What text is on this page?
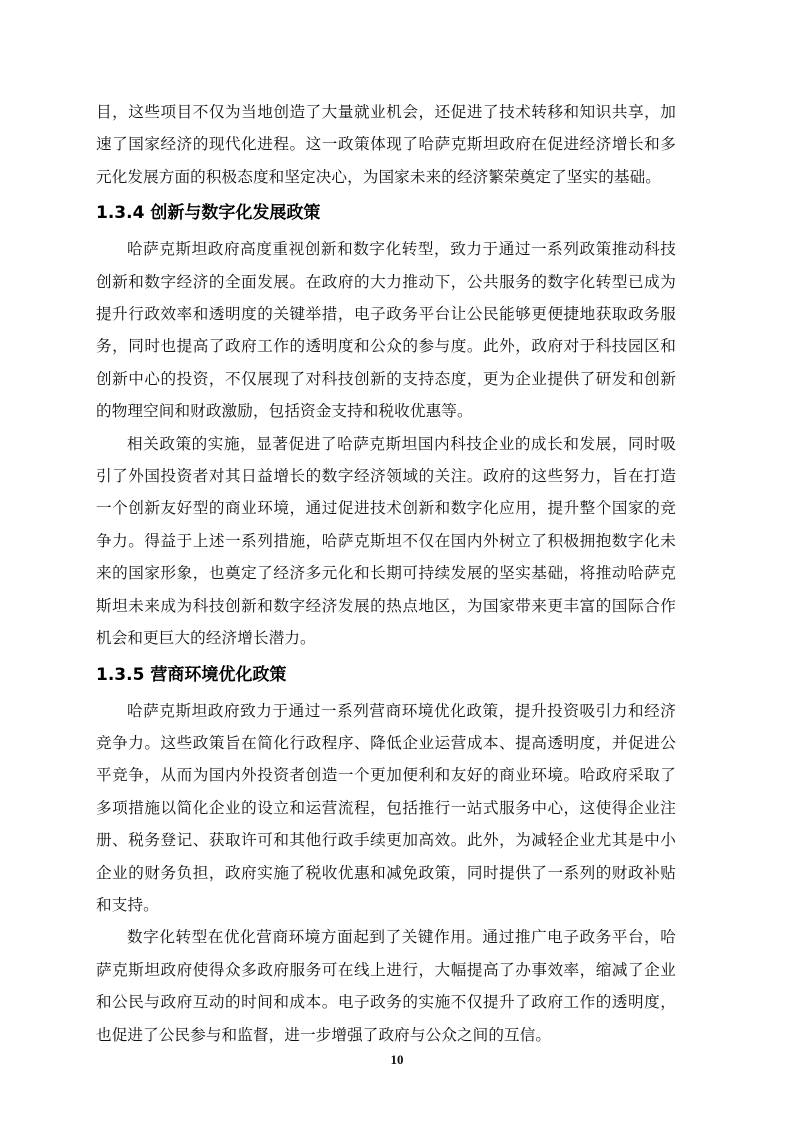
目，这些项目不仅为当地创造了大量就业机会，还促进了技术转移和知识共享，加速了国家经济的现代化进程。这一政策体现了哈萨克斯坦政府在促进经济增长和多元化发展方面的积极态度和坚定决心，为国家未来的经济繁荣奠定了坚实的基础。

1.3.4 创新与数字化发展政策

哈萨克斯坦政府高度重视创新和数字化转型，致力于通过一系列政策推动科技创新和数字经济的全面发展。在政府的大力推动下，公共服务的数字化转型已成为提升行政效率和透明度的关键举措，电子政务平台让公民能够更便捷地获取政务服务，同时也提高了政府工作的透明度和公众的参与度。此外，政府对于科技园区和创新中心的投资，不仅展现了对科技创新的支持态度，更为企业提供了研发和创新的物理空间和财政激励，包括资金支持和税收优惠等。

相关政策的实施，显著促进了哈萨克斯坦国内科技企业的成长和发展，同时吸引了外国投资者对其日益增长的数字经济领域的关注。政府的这些努力，旨在打造一个创新友好型的商业环境，通过促进技术创新和数字化应用，提升整个国家的竞争力。得益于上述一系列措施，哈萨克斯坦不仅在国内外树立了积极拥抱数字化未来的国家形象，也奠定了经济多元化和长期可持续发展的坚实基础，将推动哈萨克斯坦未来成为科技创新和数字经济发展的热点地区，为国家带来更丰富的国际合作机会和更巨大的经济增长潜力。

1.3.5 营商环境优化政策

哈萨克斯坦政府致力于通过一系列营商环境优化政策，提升投资吸引力和经济竞争力。这些政策旨在简化行政程序、降低企业运营成本、提高透明度，并促进公平竞争，从而为国内外投资者创造一个更加便利和友好的商业环境。哈政府采取了多项措施以简化企业的设立和运营流程，包括推行一站式服务中心，这使得企业注册、税务登记、获取许可和其他行政手续更加高效。此外，为减轻企业尤其是中小企业的财务负担，政府实施了税收优惠和减免政策，同时提供了一系列的财政补贴和支持。

数字化转型在优化营商环境方面起到了关键作用。通过推广电子政务平台，哈萨克斯坦政府使得众多政府服务可在线上进行，大幅提高了办事效率，缩减了企业和公民与政府互动的时间和成本。电子政务的实施不仅提升了政府工作的透明度，也促进了公民参与和监督，进一步增强了政府与公众之间的互信。

10
